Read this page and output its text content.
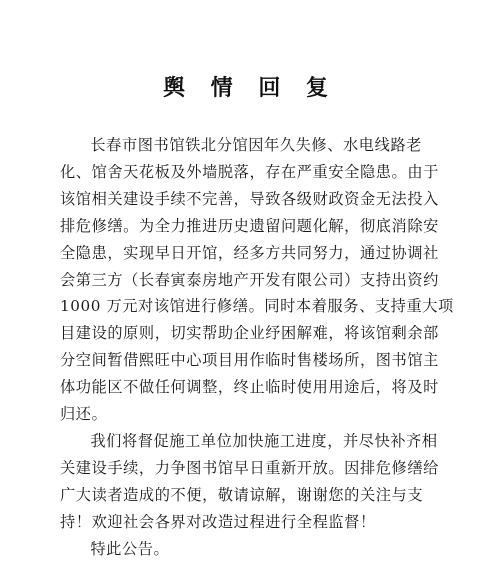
舆 情 回 复

长春市图书馆铁北分馆因年久失修、水电线路老
化、馆舍天花板及外墙脱落，存在严重安全隐患。由于
该馆相关建设手续不完善，导致各级财政资金无法投入
排危修缮。为全力推进历史遗留问题化解，彻底消除安
全隐患，实现早日开馆，经多方共同努力，通过协调社
会第三方（长春寅泰房地产开发有限公司）支持出资约
1000 万元对该馆进行修缮。同时本着服务、支持重大项
目建设的原则，切实帮助企业纾困解难，将该馆剩余部
分空间暂借熙旺中心项目用作临时售楼场所，图书馆主
体功能区不做任何调整，终止临时使用用途后，将及时
归还。

我们将督促施工单位加快施工进度，并尽快补齐相
关建设手续，力争图书馆早日重新开放。因排危修缮给
广大读者造成的不便，敬请谅解，谢谢您的关注与支
持！欢迎社会各界对改造过程进行全程监督！

特此公告。
